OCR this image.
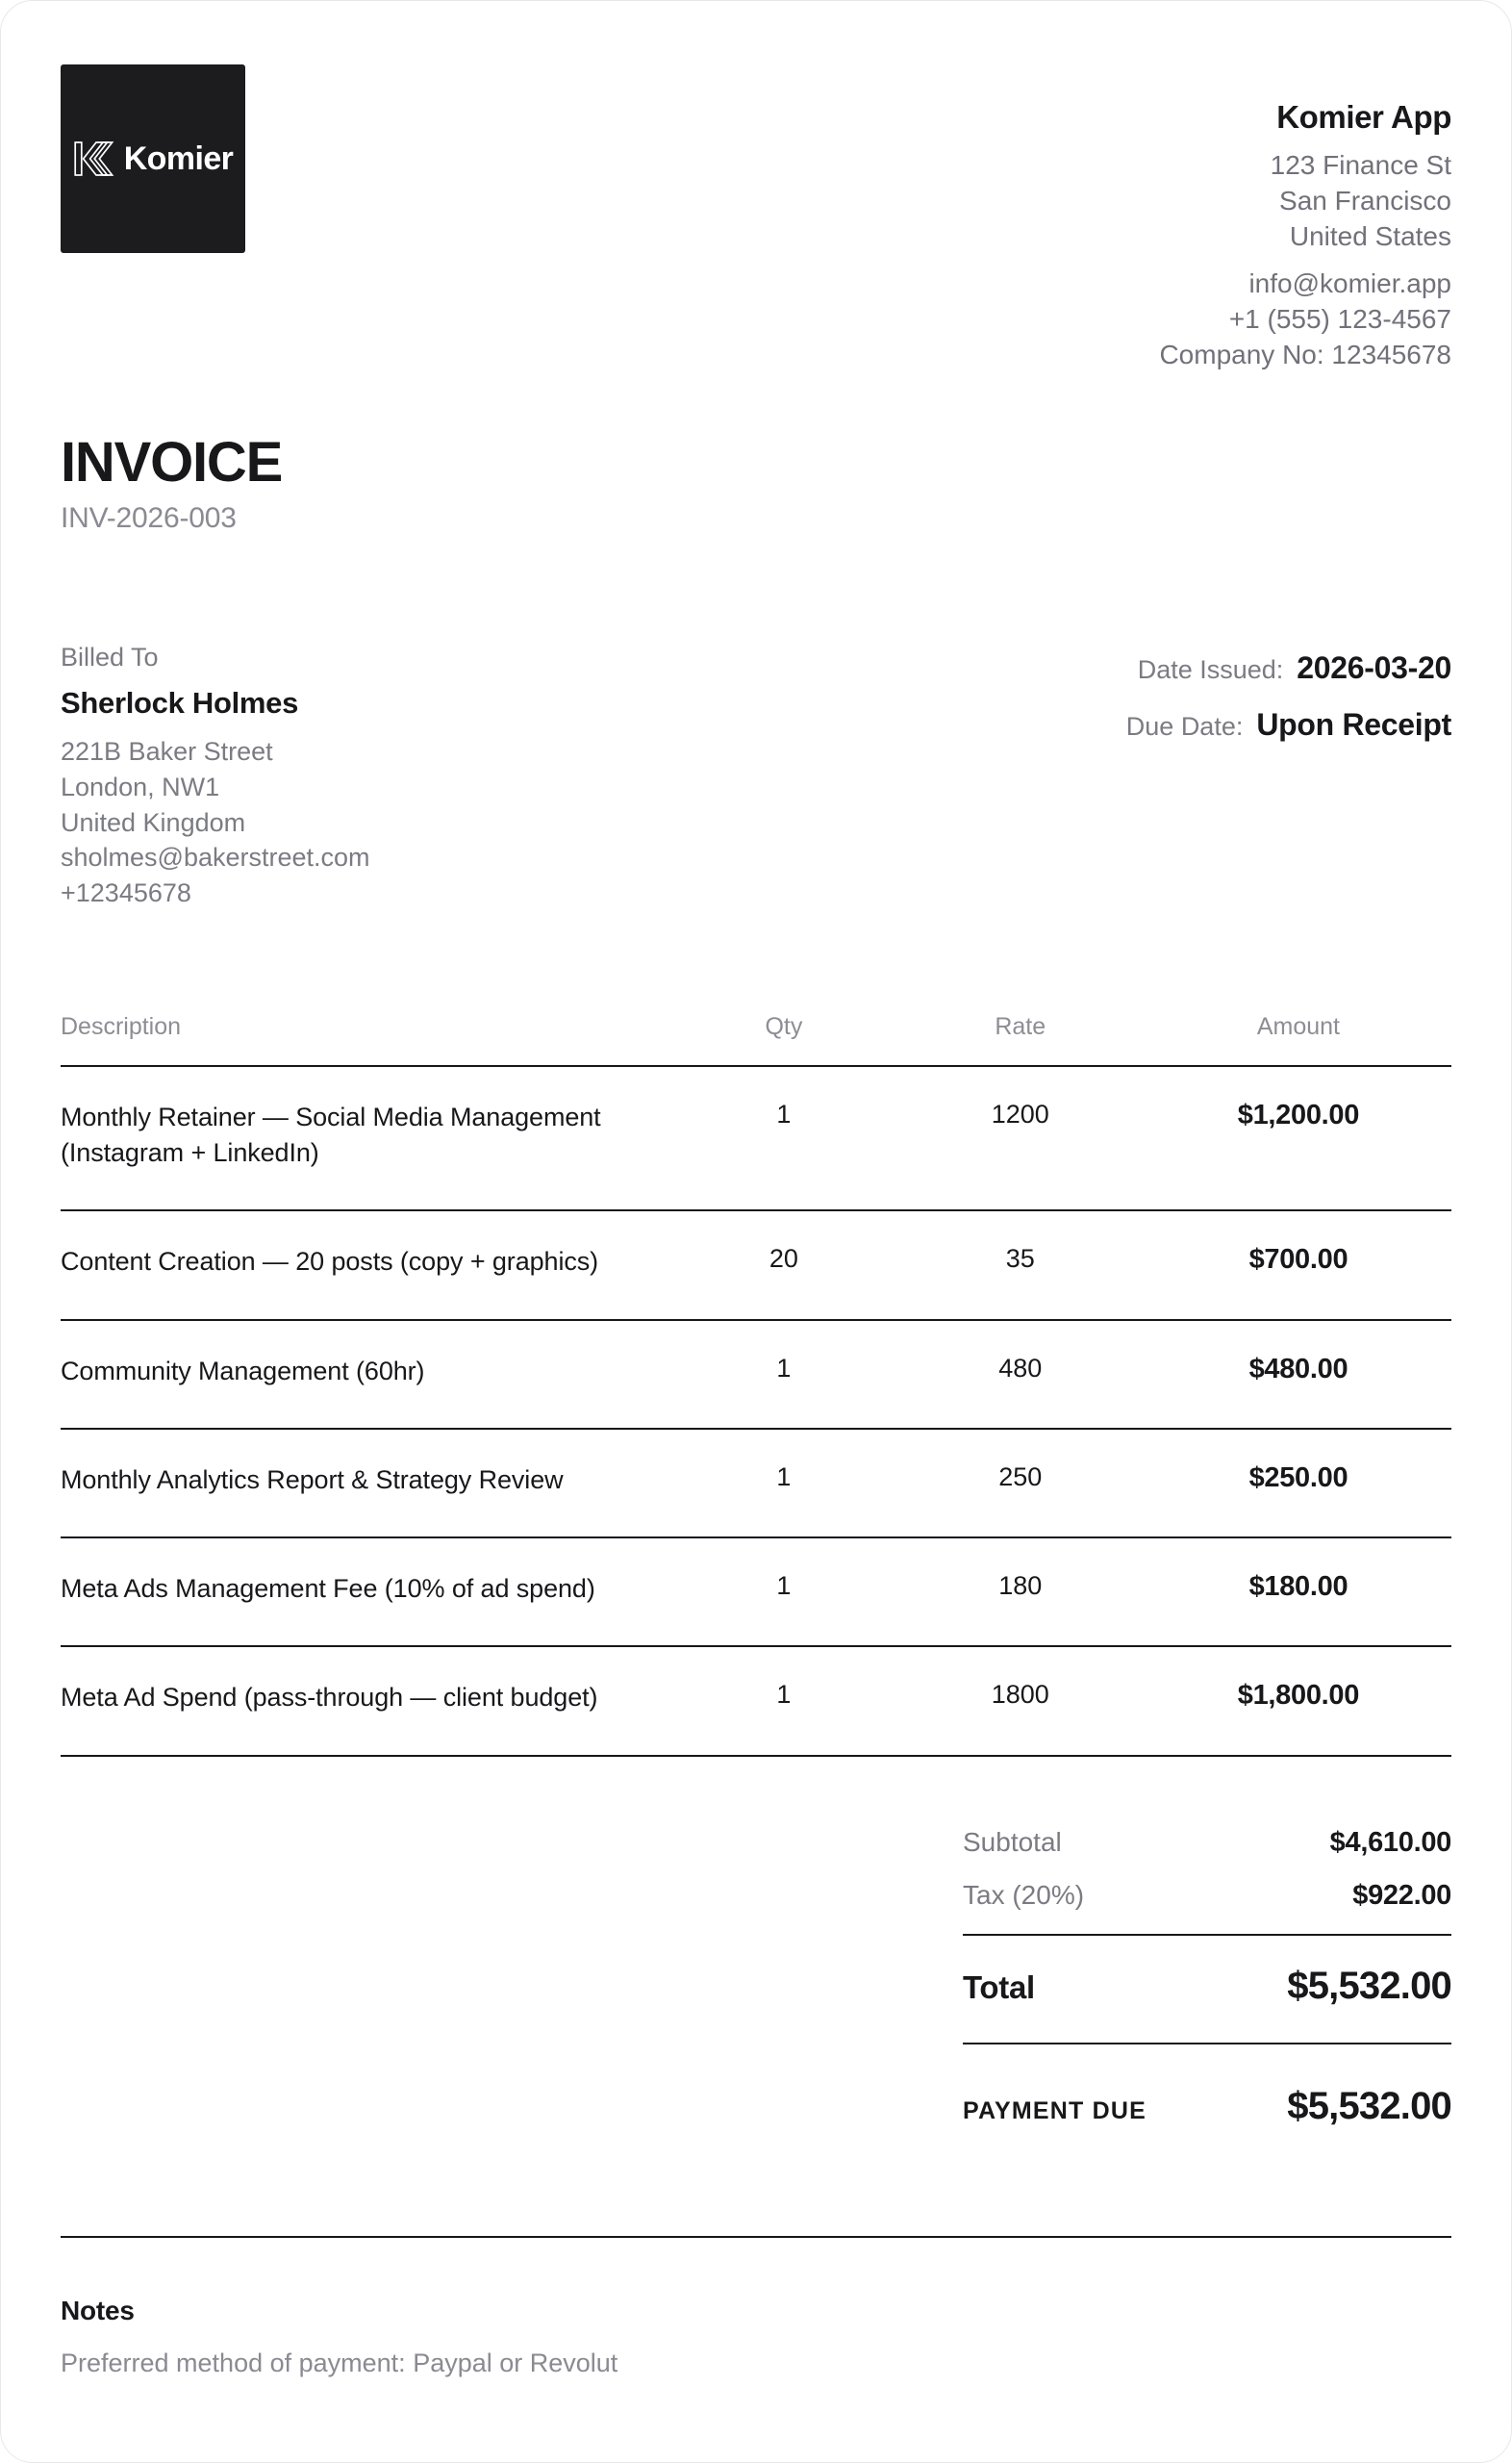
Komier
Komier App
123 Finance St
San Francisco
United States
info@komier.app
+1 (555) 123-4567
Company No: 12345678
INVOICE
INV-2026-003
Billed To
Sherlock Holmes
221B Baker Street
London, NW1
United Kingdom
sholmes@bakerstreet.com
+12345678
Date Issued: 2026-03-20
Due Date: Upon Receipt
Description	Qty	Rate	Amount
Monthly Retainer — Social Media Management (Instagram + LinkedIn)	1	1200	$1,200.00
Content Creation — 20 posts (copy + graphics)	20	35	$700.00
Community Management (60hr)	1	480	$480.00
Monthly Analytics Report & Strategy Review	1	250	$250.00
Meta Ads Management Fee (10% of ad spend)	1	180	$180.00
Meta Ad Spend (pass-through — client budget)	1	1800	$1,800.00
Subtotal	$4,610.00
Tax (20%)	$922.00
Total	$5,532.00
PAYMENT DUE	$5,532.00
Notes
Preferred method of payment: Paypal or Revolut
